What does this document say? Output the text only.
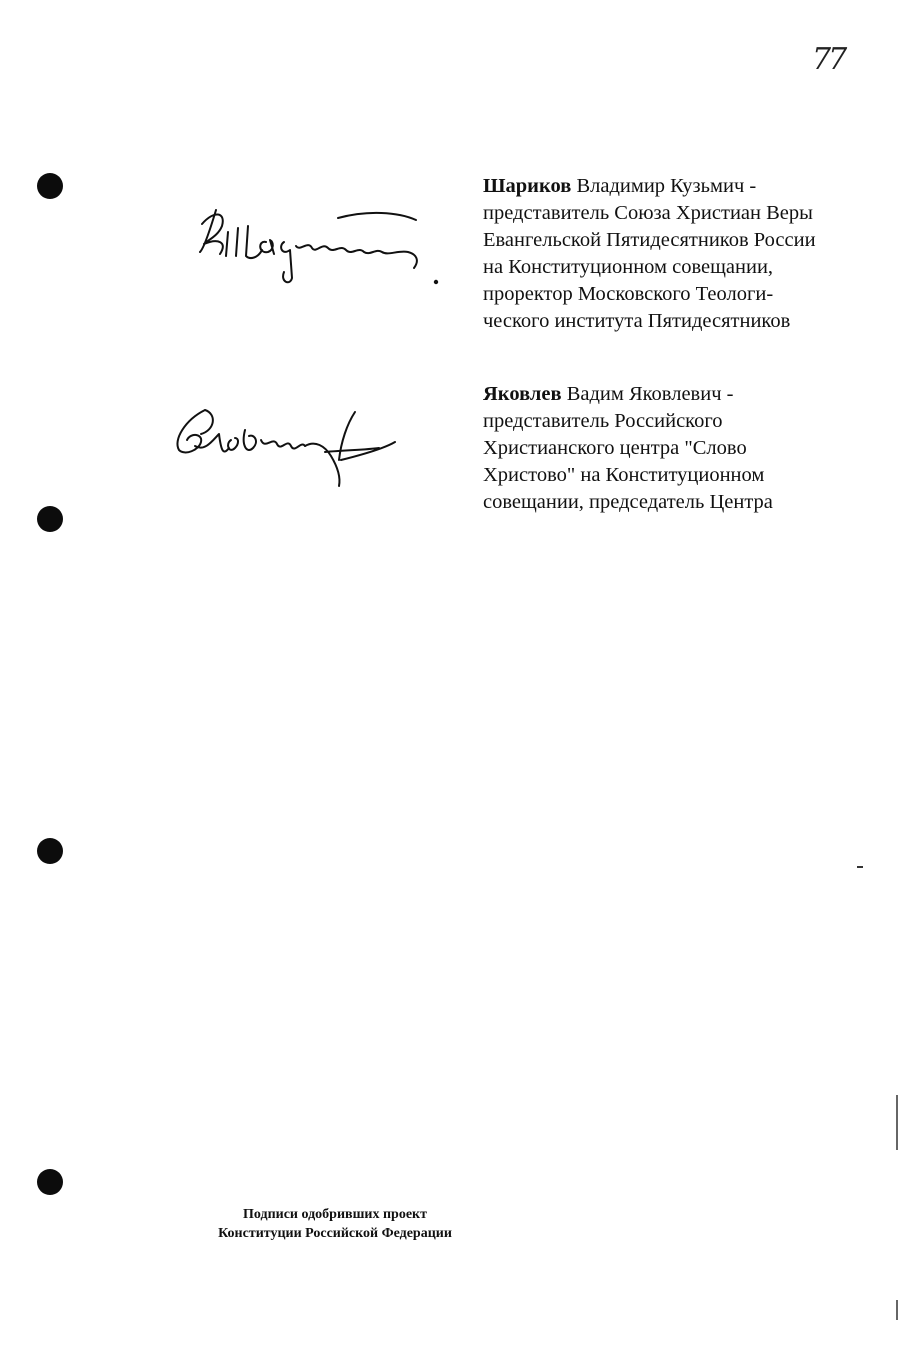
77
Шариков Владимир Кузьмич -
представитель Союза Христиан Веры
Евангельской Пятидесятников России
на Конституционном совещании,
проректор Московского Теологи-
ческого института Пятидесятников
Яковлев Вадим Яковлевич -
представитель Российского
Христианского центра "Слово
Христово" на Конституционном
совещании, председатель Центра
Подписи одобривших проект
Конституции Российской Федерации
